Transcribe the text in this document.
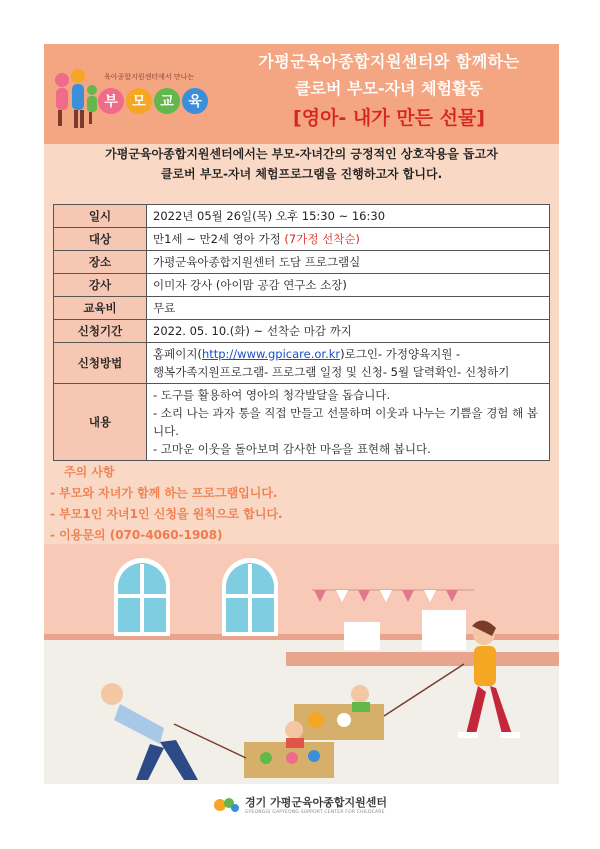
육아종합지원센터에서 만나는
부	모	교	육
가평군육아종합지원센터와 함께하는
클로버 부모-자녀 체험활동
[영아- 내가 만든 선물]
가평군육아종합지원센터에서는 부모-자녀간의 긍정적인 상호작용을 돕고자
클로버 부모-자녀 체험프로그램을 진행하고자 합니다.
일시	2022년 05월 26일(목) 오후 15:30 ~ 16:30
대상	만1세 ~ 만2세 영아 가정 (7가정 선착순)
장소	가평군육아종합지원센터 도담 프로그램실
강사	이미자 강사 (아이맘 공감 연구소 소장)
교육비	무료
신청기간	2022. 05. 10.(화) ~ 선착순 마감 까지
신청방법	홈페이지(http://www.gpicare.or.kr)로그인- 가정양육지원 -
행복가족지원프로그램- 프로그램 일정 및 신청- 5월 달력확인- 신청하기

내용	- 도구를 활용하여 영아의 청각발달을 돕습니다.
- 소리 나는 과자 통을 직접 만들고 선물하며 이웃과 나누는 기쁨을 경험 해 봅니다.
- 고마운 이웃을 돌아보며 감사한 마음을 표현해 봅니다.
주의 사항
- 부모와 자녀가 함께 하는 프로그램입니다.
- 부모1인 자녀1인 신청을 원칙으로 합니다.
- 이용문의 (070-4060-1908)
경기 가평군육아종합지원센터
GYEONGGI GAPYEONG SUPPORT CENTER FOR CHILDCARE
